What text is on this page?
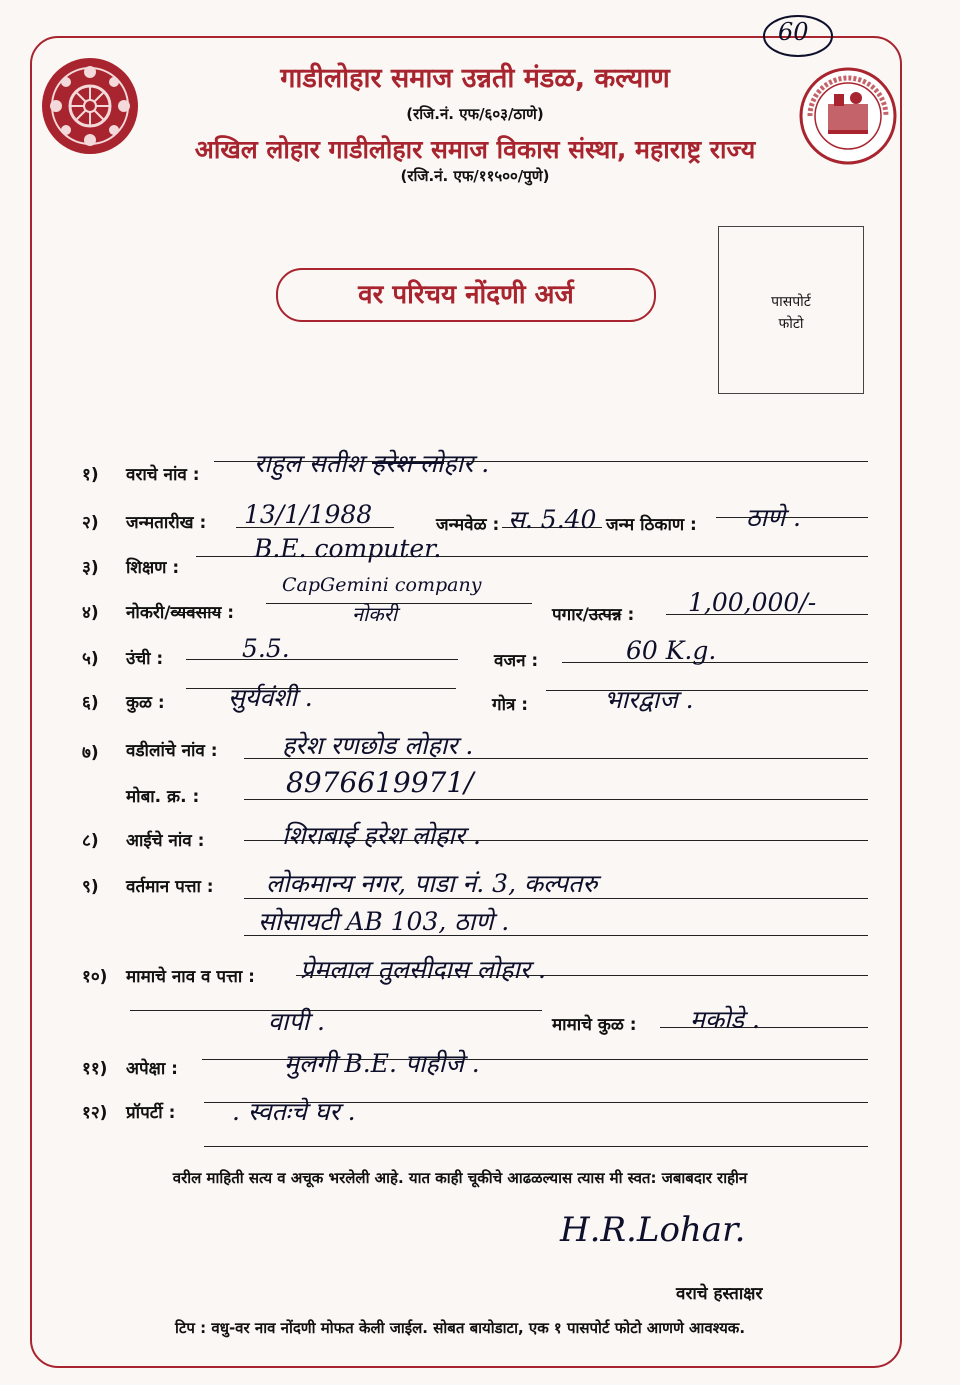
60
गाडीलोहार समाज उन्नती मंडळ, कल्याण
(रजि.नं. एफ/६०३/ठाणे)
अखिल लोहार गाडीलोहार समाज विकास संस्था, महाराष्ट्र राज्य
(रजि.नं. एफ/११५००/पुणे)
वर परिचय नोंदणी अर्ज	पासपोर्ट
फोटो
१) वराचे नांव : राहुल सतीश हरेश लोहार .
२) जन्मतारीख : 13/1/1988	जन्मवेळ : स. 5.40 जन्म ठिकाण : ठाणे .
३) शिक्षण :
B.E. computer.
४) नोकरी/व्यवसाय :
CapGemini company
नोकरी	पगार/उत्पन्न : 1,00,000/-
५) उंची :	5.5.	वजन :	60 K.g.
६) कुळ :	सुर्यवंशी .	गोत्र :	भारद्वाज .
७) वडीलांचे नांव :	हरेश रणछोड लोहार .
मोबा. क्र. :	8976619971/
८) आईचे नांव :	शिराबाई हरेश लोहार .
९) वर्तमान पत्ता : लोकमान्य नगर, पाडा नं. 3, कल्पतरु
सोसायटी AB 103, ठाणे .
१०) मामाचे नाव व पत्ता : प्रेमलाल तुलसीदास लोहार .
वापी .	मामाचे कुळ : मकोडे .
११) अपेक्षा :	मुलगी B.E. पाहीजे .
१२) प्रॉपर्टी : . स्वतःचे घर .
वरील माहिती सत्य व अचूक भरलेली आहे. यात काही चूकीचे आढळल्यास त्यास मी स्वत: जबाबदार राहीन
H.R.Lohar.
वराचे हस्ताक्षर
टिप : वधु-वर नाव नोंदणी मोफत केली जाईल. सोबत बायोडाटा, एक १ पासपोर्ट फोटो आणणे आवश्यक.
